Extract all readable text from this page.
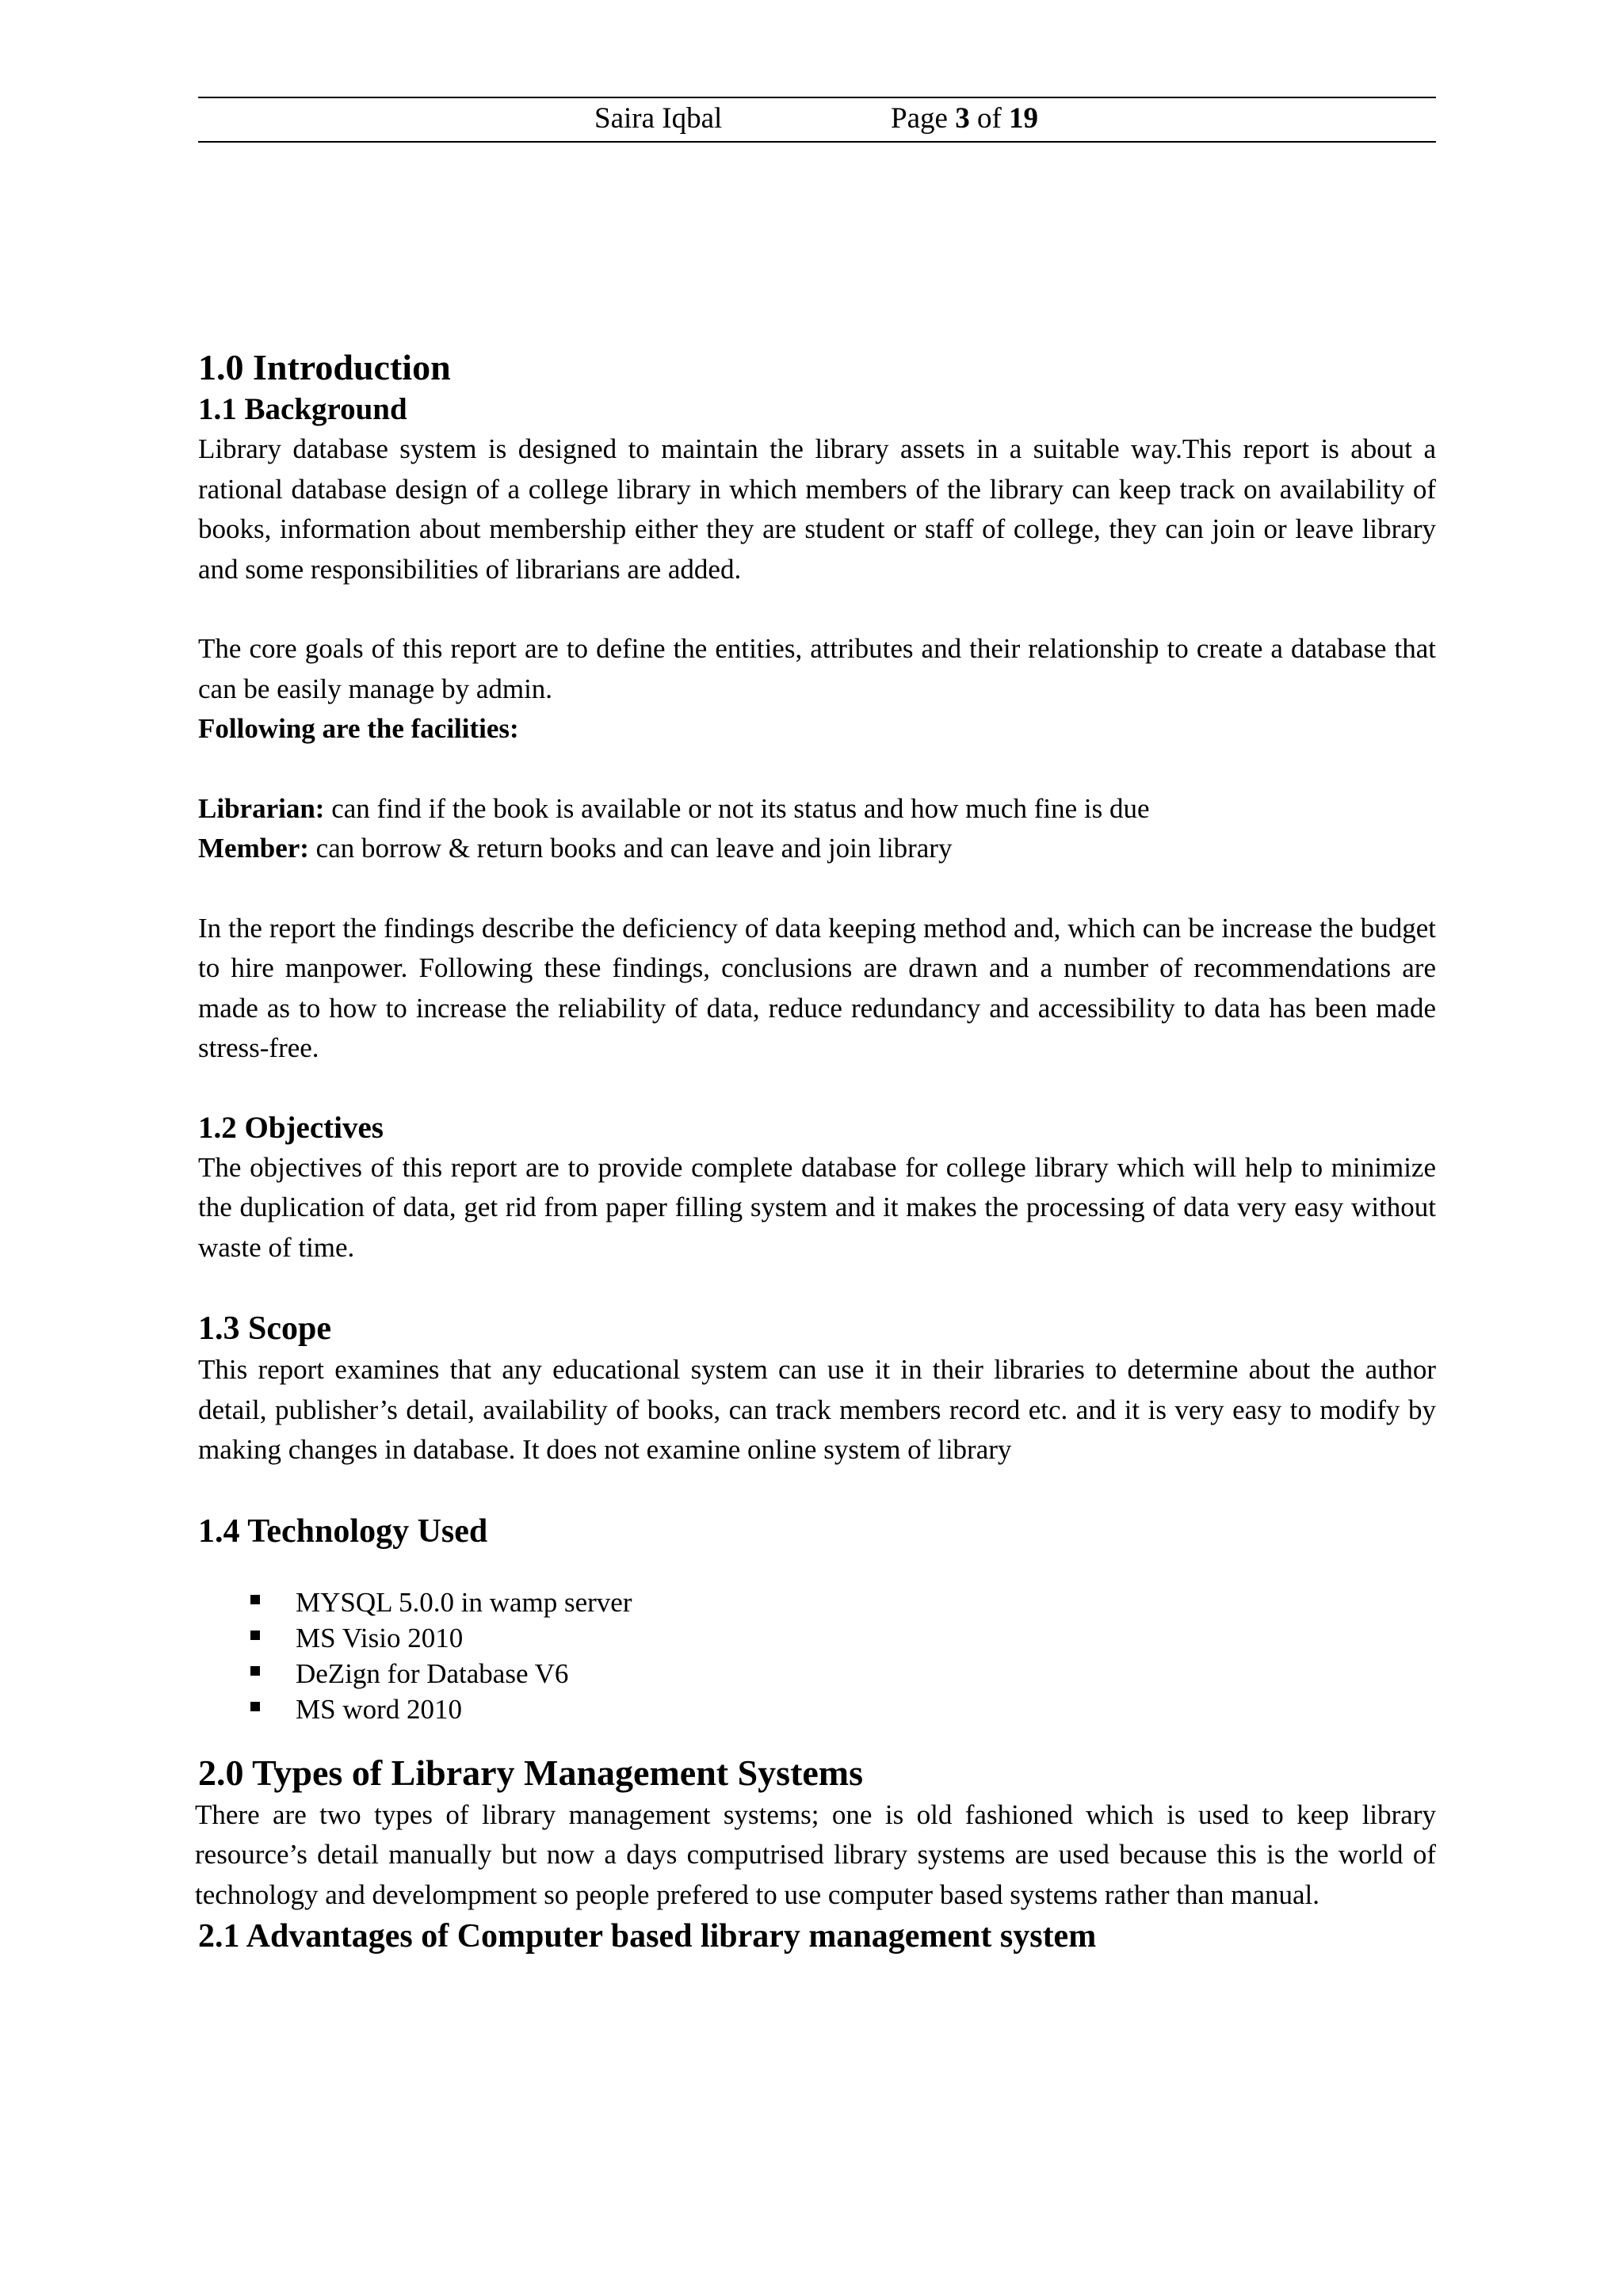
Saira Iqbal	Page 3 of 19
1.0 Introduction
1.1 Background

Library database system is designed to maintain the library assets in a suitable way.This report is about a rational database design of a college library in which members of the library can keep track on availability of books, information about membership either they are student or staff of college, they can join or leave library and some responsibilities of librarians are added.

The core goals of this report are to define the entities, attributes and their relationship to create a database that can be easily manage by admin.

Following are the facilities:

Librarian: can find if the book is available or not its status and how much fine is due

Member: can borrow & return books and can leave and join library

In the report the findings describe the deficiency of data keeping method and, which can be increase the budget to hire manpower. Following these findings, conclusions are drawn and a number of recommendations are made as to how to increase the reliability of data, reduce redundancy and accessibility to data has been made stress-free.

1.2 Objectives

The objectives of this report are to provide complete database for college library which will help to minimize the duplication of data, get rid from paper filling system and it makes the processing of data very easy without waste of time.

1.3 Scope

This report examines that any educational system can use it in their libraries to determine about the author detail, publisher’s detail, availability of books, can track members record etc. and it is very easy to modify by making changes in database. It does not examine online system of library

1.4 Technology Used
MYSQL 5.0.0 in wamp server
MS Visio 2010
DeZign for Database V6
MS word 2010
2.0 Types of Library Management Systems

There are two types of library management systems; one is old fashioned which is used to keep library resource’s detail manually but now a days computrised library systems are used because this is the world of technology and develompment so people prefered to use computer based systems rather than manual.

2.1 Advantages of Computer based library management system
